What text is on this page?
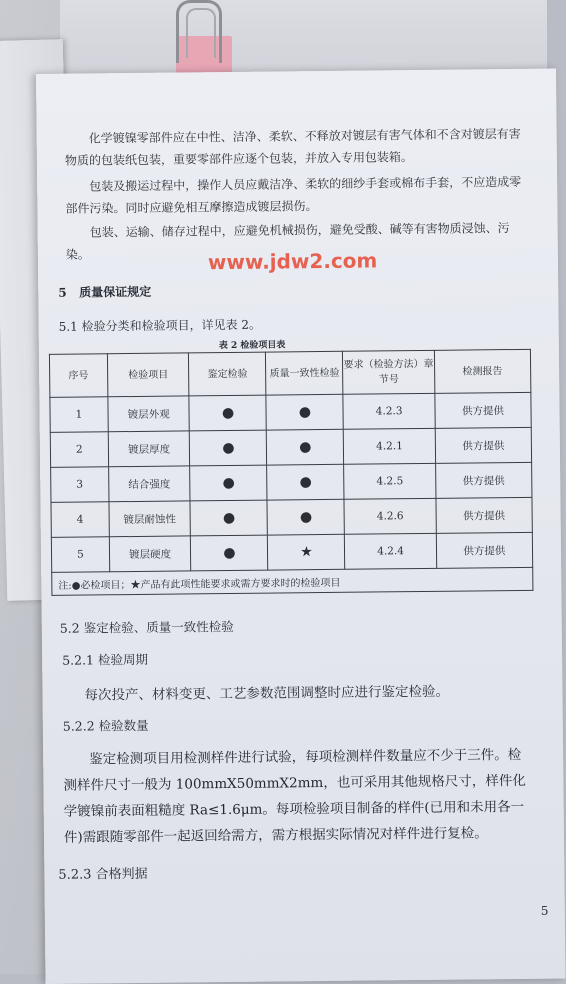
化学镀镍零部件应在中性、洁净、柔软、不释放对镀层有害气体和不含对镀层有害物质的包装纸包装，重要零部件应逐个包装，并放入专用包装箱。

包装及搬运过程中，操作人员应戴洁净、柔软的细纱手套或棉布手套，不应造成零部件污染。同时应避免相互摩擦造成镀层损伤。

包装、运输、储存过程中，应避免机械损伤，避免受酸、碱等有害物质浸蚀、污染。	www.jdw2.com

5 质量保证规定

5.1 检验分类和检验项目，详见表 2。

表 2 检验项目表

序号	检验项目	鉴定检验	质量一致性检验	要求（检验方法）章节号	检测报告
1	镀层外观	●	●	4.2.3	供方提供
2	镀层厚度	●	●	4.2.1	供方提供
3	结合强度	●	●	4.2.5	供方提供
4	镀层耐蚀性	●	●	4.2.6	供方提供
5	镀层硬度	●	★	4.2.4	供方提供
注:●必检项目；★产品有此项性能要求或需方要求时的检验项目					

5.2 鉴定检验、质量一致性检验

5.2.1 检验周期

每次投产、材料变更、工艺参数范围调整时应进行鉴定检验。

5.2.2 检验数量

鉴定检测项目用检测样件进行试验，每项检测样件数量应不少于三件。检测样件尺寸一般为 100mmX50mmX2mm，也可采用其他规格尺寸，样件化学镀镍前表面粗糙度 Ra≤1.6μm。每项检验项目制备的样件(已用和未用各一件)需跟随零部件一起返回给需方，需方根据实际情况对样件进行复检。

5.2.3 合格判据

5
